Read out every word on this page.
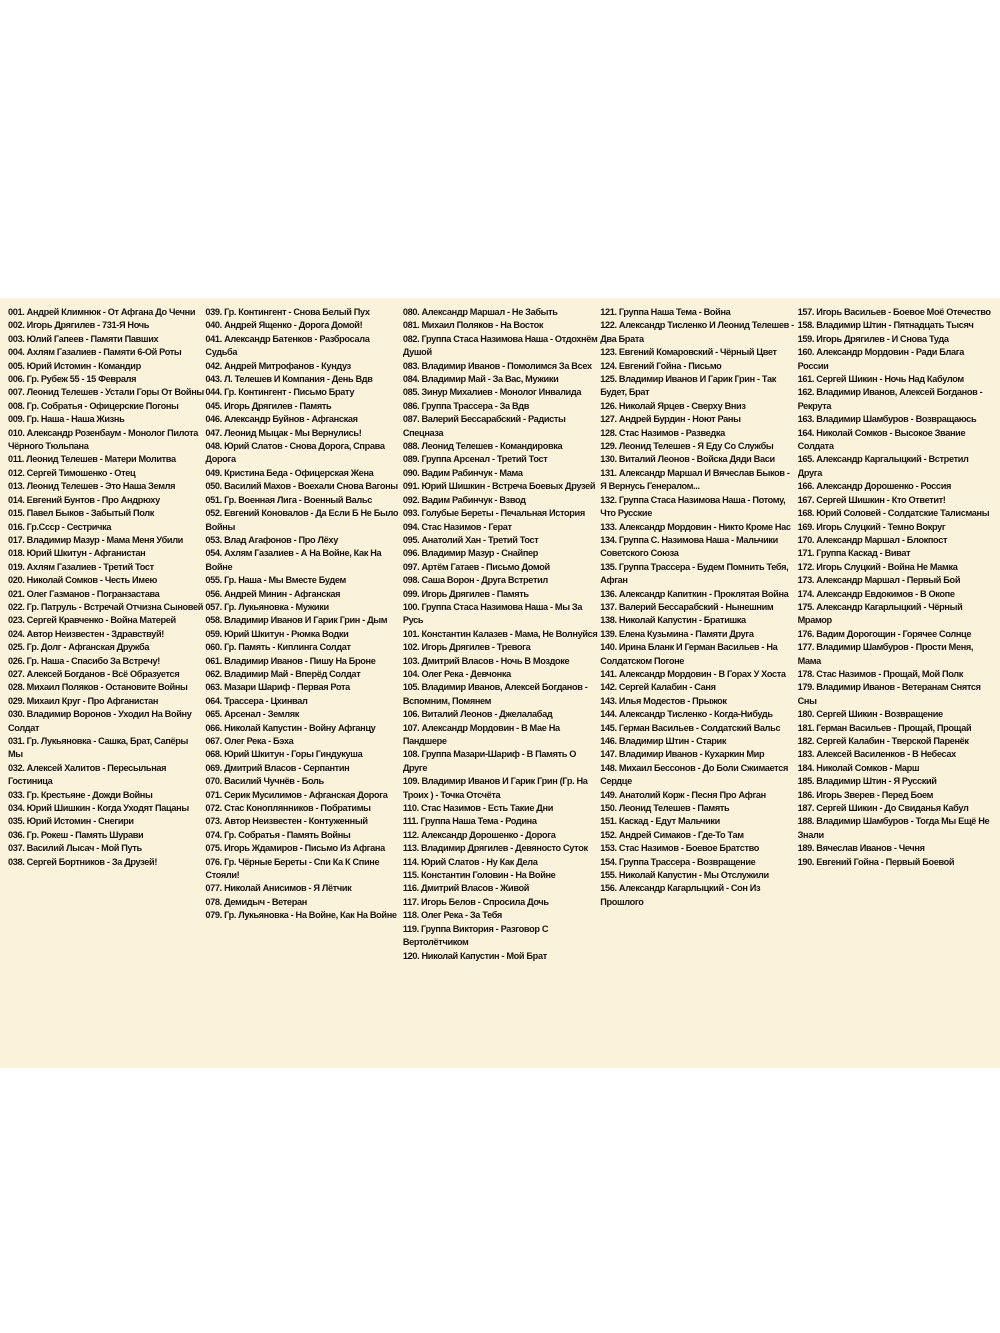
001. Андрей Климнюк - От Афгана До Чечни
002. Игорь Дрягилев - 731-Я Ночь
003. Юлий Гапеев - Памяти Павших
004. Ахлям Газалиев - Памяти 6-Ой Роты
005. Юрий Истомин - Командир
006. Гр. Рубеж 55 - 15 Февраля
007. Леонид Телешев - Устали Горы От Войны
008. Гр. Собратья - Офицерские Погоны
009. Гр. Наша - Наша Жизнь
010. Александр Розенбаум - Монолог Пилота Чёрного Тюльпана
011. Леонид Телешев - Матери Молитва
012. Сергей Тимошенко - Отец
013. Леонид Телешев - Это Наша Земля
014. Евгений Бунтов - Про Андрюху
015. Павел Быков - Забытый Полк
016. Гр.Ссср - Сестричка
017. Владимир Мазур - Мама Меня Убили
018. Юрий Шкитун - Афганистан
019. Ахлям Газалиев - Третий Тост
020. Николай Сомков - Честь Имею
021. Олег Газманов - Погранзастава
022. Гр. Патруль - Встречай Отчизна Сыновей
023. Сергей Кравченко - Война Матерей
024. Автор Неизвестен - Здравствуй!
025. Гр. Долг - Афганская Дружба
026. Гр. Наша - Спасибо За Встречу!
027. Алексей Богданов - Всё Образуется
028. Михаил Поляков - Остановите Войны
029. Михаил Круг - Про Афганистан
030. Владимир Воронов - Уходил На Войну Солдат
031. Гр. Лукьяновка - Сашка, Брат, Сапёры Мы
032. Алексей Халитов - Пересыльная Гостиница
033. Гр. Крестьяне - Дожди Войны
034. Юрий Шишкин - Когда Уходят Пацаны
035. Юрий Истомин - Снегири
036. Гр. Рокеш - Память Шурави
037. Василий Лысач - Мой Путь
038. Сергей Бортников - За Друзей!
039. Гр. Контингент - Снова Белый Пух
040. Андрей Ященко - Дорога Домой!
041. Александр Батенков - Разбросала Судьба
042. Андрей Митрофанов - Кундуз
043. Л. Телешев И Компания - День Вдв
044. Гр. Контингент - Письмо Брату
045. Игорь Дрягилев - Память
046. Александр Буйнов - Афганская
047. Леонид Мыцак - Мы Вернулись!
048. Юрий Слатов - Снова Дорога, Справа Дорога
049. Кристина Беда - Офицерская Жена
050. Василий Махов - Воехали Снова Вагоны
051. Гр. Военная Лига - Военный Вальс
052. Евгений Коновалов - Да Если Б Не Было Войны
053. Влад Агафонов - Про Лёху
054. Ахлям Газалиев - А На Войне, Как На Войне
055. Гр. Наша - Мы Вместе Будем
056. Андрей Минин - Афганская
057. Гр. Лукьяновка - Мужики
058. Владимир Иванов И Гарик Грин - Дым
059. Юрий Шкитун - Рюмка Водки
060. Гр. Память - Киплинга Солдат
061. Владимир Иванов - Пишу На Броне
062. Владимир Май - Вперёд Солдат
063. Мазари Шариф - Первая Рота
064. Трассера - Цхинвал
065. Арсенал - Земляк
066. Николай Капустин - Войну Афганцу
067. Олег Река - Бэха
068. Юрий Шкитун - Горы Гиндукуша
069. Дмитрий Власов - Серпантин
070. Василий Чучнёв - Боль
071. Серик Мусилимов - Афганская Дорога
072. Стас Коноплянников - Побратимы
073. Автор Неизвестен - Контуженный
074. Гр. Собратья - Память Войны
075. Игорь Ждамиров - Письмо Из Афгана
076. Гр. Чёрные Береты - Спи Ка К Спине Стояли!
077. Николай Анисимов - Я Лётчик
078. Демидыч - Ветеран
079. Гр. Лукьяновка - На Войне, Как На Войне
080. Александр Маршал - Не Забыть
081. Михаил Поляков - На Восток
082. Группа Стаса Назимова Наша - Отдохнём Душой
083. Владимир Иванов - Помолимся За Всех
084. Владимир Май - За Вас, Мужики
085. Зинур Михалиев - Монолог Инвалида
086. Группа Трассера - За Вдв
087. Валерий Бессарабский - Радисты Спецназа
088. Леонид Телешев - Командировка
089. Группа Арсенал - Третий Тост
090. Вадим Рабинчук - Мама
091. Юрий Шишкин - Встреча Боевых Друзей
092. Вадим Рабинчук - Взвод
093. Голубые Береты - Печальная История
094. Стас Назимов - Герат
095. Анатолий Хан - Третий Тост
096. Владимир Мазур - Снайпер
097. Артём Гатаев - Письмо Домой
098. Саша Ворон - Друга Встретил
099. Игорь Дрягилев - Память
100. Группа Стаса Назимова Наша - Мы За Русь
101. Константин Калазев - Мама, Не Волнуйся
102. Игорь Дрягилев - Тревога
103. Дмитрий Власов - Ночь В Моздоке
104. Олег Река - Девчонка
105. Владимир Иванов, Алексей Богданов - Вспомним, Помянем
106. Виталий Леонов - Джелалабад
107. Александр Мордовин - В Мае На Пандшере
108. Группа Мазари-Шариф - В Память О Друге
109. Владимир Иванов И Гарик Грин (Гр. На Троих ) - Точка Отсчёта
110. Стас Назимов - Есть Такие Дни
111. Группа Наша Тема - Родина
112. Александр Дорошенко - Дорога
113. Владимир Дрягилев - Девяносто Суток
114. Юрий Слатов - Ну Как Дела
115. Константин Головин - На Войне
116. Дмитрий Власов - Живой
117. Игорь Белов - Спросила Дочь
118. Олег Река - За Тебя
119. Группа Виктория - Разговор С Вертолётчиком
120. Николай Капустин - Мой Брат
121. Группа Наша Тема - Война
122. Александр Тисленко И Леонид Телешев - Два Брата
123. Евгений Комаровский - Чёрный Цвет
124. Евгений Гойна - Письмо
125. Владимир Иванов И Гарик Грин - Так Будет, Брат
126. Николай Ярцев - Сверху Вниз
127. Андрей Бурдин - Ноют Раны
128. Стас Назимов - Разведка
129. Леонид Телешев - Я Еду Со Службы
130. Виталий Леонов - Войска Дяди Васи
131. Александр Маршал И Вячеслав Быков - Я Вернусь Генералом...
132. Группа Стаса Назимова Наша - Потому, Что Русские
133. Александр Мордовин - Никто Кроме Нас
134. Группа С. Назимова Наша - Мальчики Советского Союза
135. Группа Трассера - Будем Помнить Тебя, Афган
136. Александр Капиткин - Проклятая Война
137. Валерий Бессарабский - Нынешним
138. Николай Капустин - Братишка
139. Елена Кузьмина - Памяти Друга
140. Ирина Бланк И Герман Васильев - На Солдатском Погоне
141. Александр Мордовин - В Горах У Хоста
142. Сергей Калабин - Саня
143. Илья Модестов - Прыжок
144. Александр Тисленко - Когда-Нибудь
145. Герман Васильев - Солдатский Вальс
146. Владимир Штин - Старик
147. Владимир Иванов - Кухаркин Мир
148. Михаил Бессонов - До Боли Сжимается Сердце
149. Анатолий Корж - Песня Про Афган
150. Леонид Телешев - Память
151. Каскад - Едут Мальчики
152. Андрей Симаков - Где-То Там
153. Стас Назимов - Боевое Братство
154. Группа Трассера - Возвращение
155. Николай Капустин - Мы Отслужили
156. Александр Кагарлыцкий - Сон Из Прошлого
157. Игорь Васильев - Боевое Моё Отечество
158. Владимир Штин - Пятнадцать Тысяч
159. Игорь Дрягилев - И Снова Туда
160. Александр Мордовин - Ради Блага России
161. Сергей Шикин - Ночь Над Кабулом
162. Владимир Иванов, Алексей Богданов - Рекрута
163. Владимир Шамбуров - Возвращаюсь
164. Николай Сомков - Высокое Звание Солдата
165. Александр Каргалыцкий - Встретил Друга
166. Александр Дорошенко - Россия
167. Сергей Шишкин - Кто Ответит!
168. Юрий Соловей - Солдатские Талисманы
169. Игорь Слуцкий - Темно Вокруг
170. Александр Маршал - Блокпост
171. Группа Каскад - Виват
172. Игорь Слуцкий - Война Не Мамка
173. Александр Маршал - Первый Бой
174. Александр Евдокимов - В Окопе
175. Александр Кагарлыцкий - Чёрный Мрамор
176. Вадим Дорогощин - Горячее Солнце
177. Владимир Шамбуров - Прости Меня, Мама
178. Стас Назимов - Прощай, Мой Полк
179. Владимир Иванов - Ветеранам Снятся Сны
180. Сергей Шикин - Возвращение
181. Герман Васильев - Прощай, Прощай
182. Сергей Калабин - Тверской Паренёк
183. Алексей Василенков - В Небесах
184. Николай Сомков - Марш
185. Владимир Штин - Я Русский
186. Игорь Зверев - Перед Боем
187. Сергей Шикин - До Свиданья Кабул
188. Владимир Шамбуров - Тогда Мы Ещё Не Знали
189. Вячеслав Иванов - Чечня
190. Евгений Гойна - Первый Боевой
